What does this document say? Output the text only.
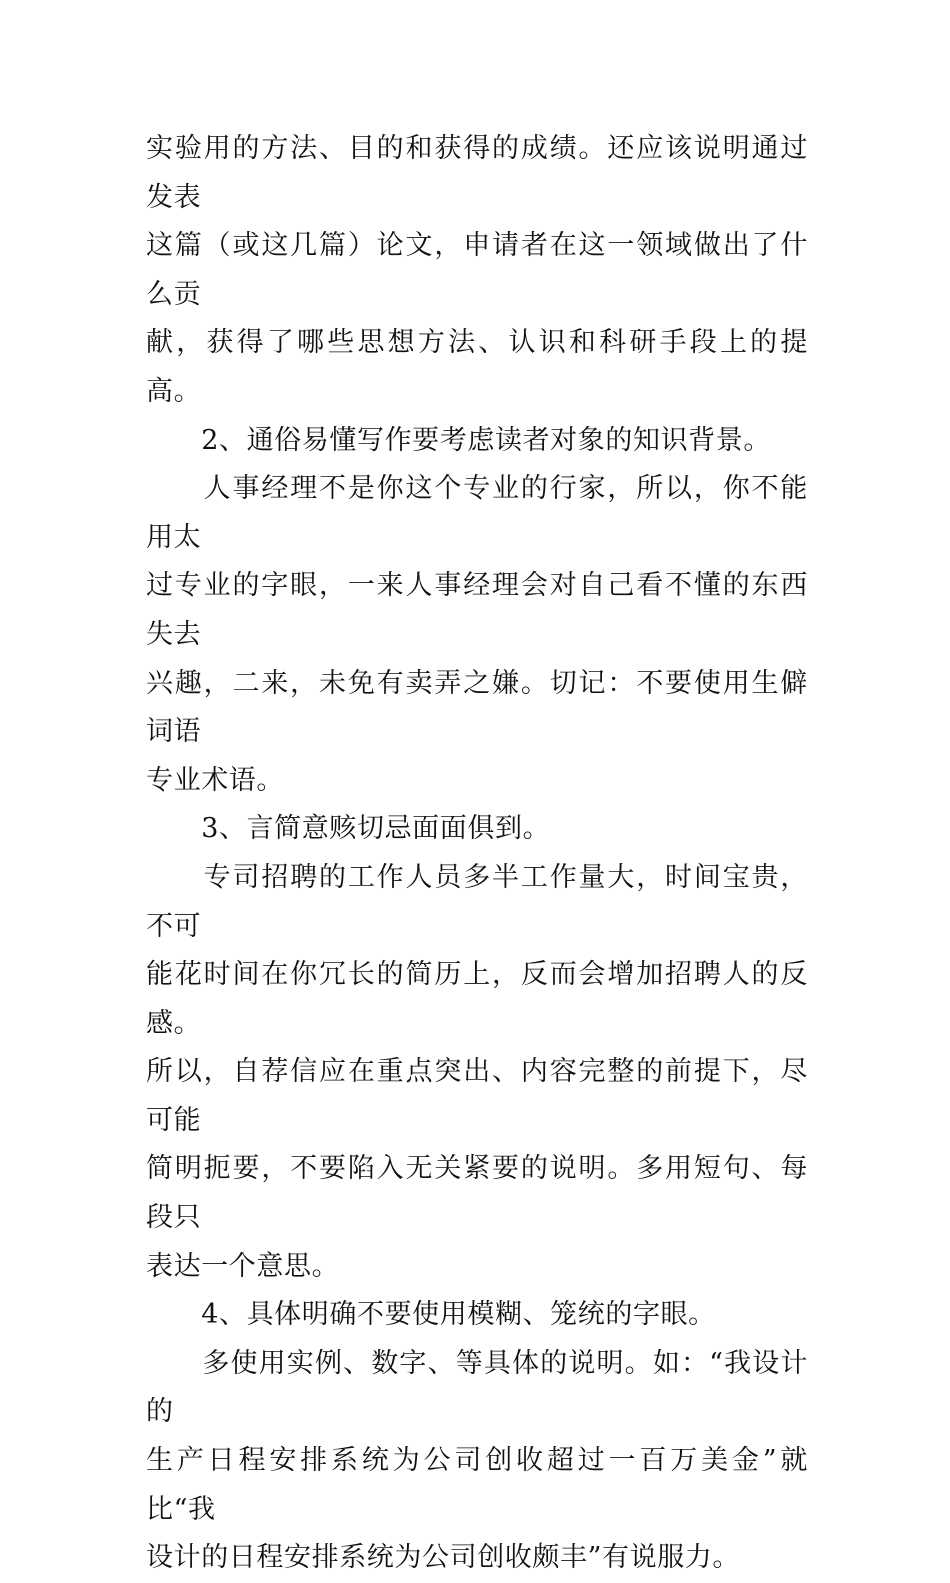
实验用的方法、目的和获得的成绩。还应该说明通过发表
这篇（或这几篇）论文，申请者在这一领域做出了什么贡
献，获得了哪些思想方法、认识和科研手段上的提高。

　　2、通俗易懂写作要考虑读者对象的知识背景。

　　人事经理不是你这个专业的行家，所以，你不能用太
过专业的字眼，一来人事经理会对自己看不懂的东西失去
兴趣，二来，未免有卖弄之嫌。切记：不要使用生僻词语
专业术语。

　　3、言简意赅切忌面面俱到。

　　专司招聘的工作人员多半工作量大，时间宝贵，不可
能花时间在你冗长的简历上，反而会增加招聘人的反感。
所以，自荐信应在重点突出、内容完整的前提下，尽可能
简明扼要，不要陷入无关紧要的说明。多用短句、每段只
表达一个意思。

　　4、具体明确不要使用模糊、笼统的字眼。

　　多使用实例、数字、等具体的说明。如：“我设计的
生产日程安排系统为公司创收超过一百万美金”就比“我
设计的日程安排系统为公司创收颇丰”有说服力。
